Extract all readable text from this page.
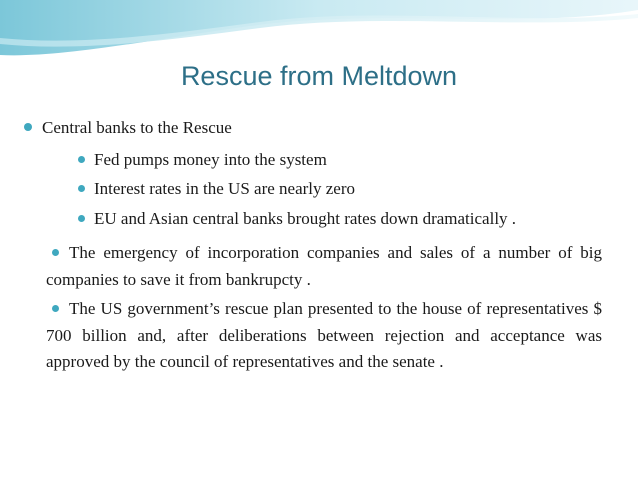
Rescue from Meltdown
Central banks to the Rescue
Fed pumps money into the system
Interest rates in the US are nearly zero
EU and Asian central banks brought rates down dramatically .
The emergency of incorporation companies and sales of a number of big companies to save it from bankrupcty .
The US government’s rescue plan presented to the house of representatives $ 700 billion and, after deliberations between rejection and acceptance was approved by the council of representatives and the senate .
